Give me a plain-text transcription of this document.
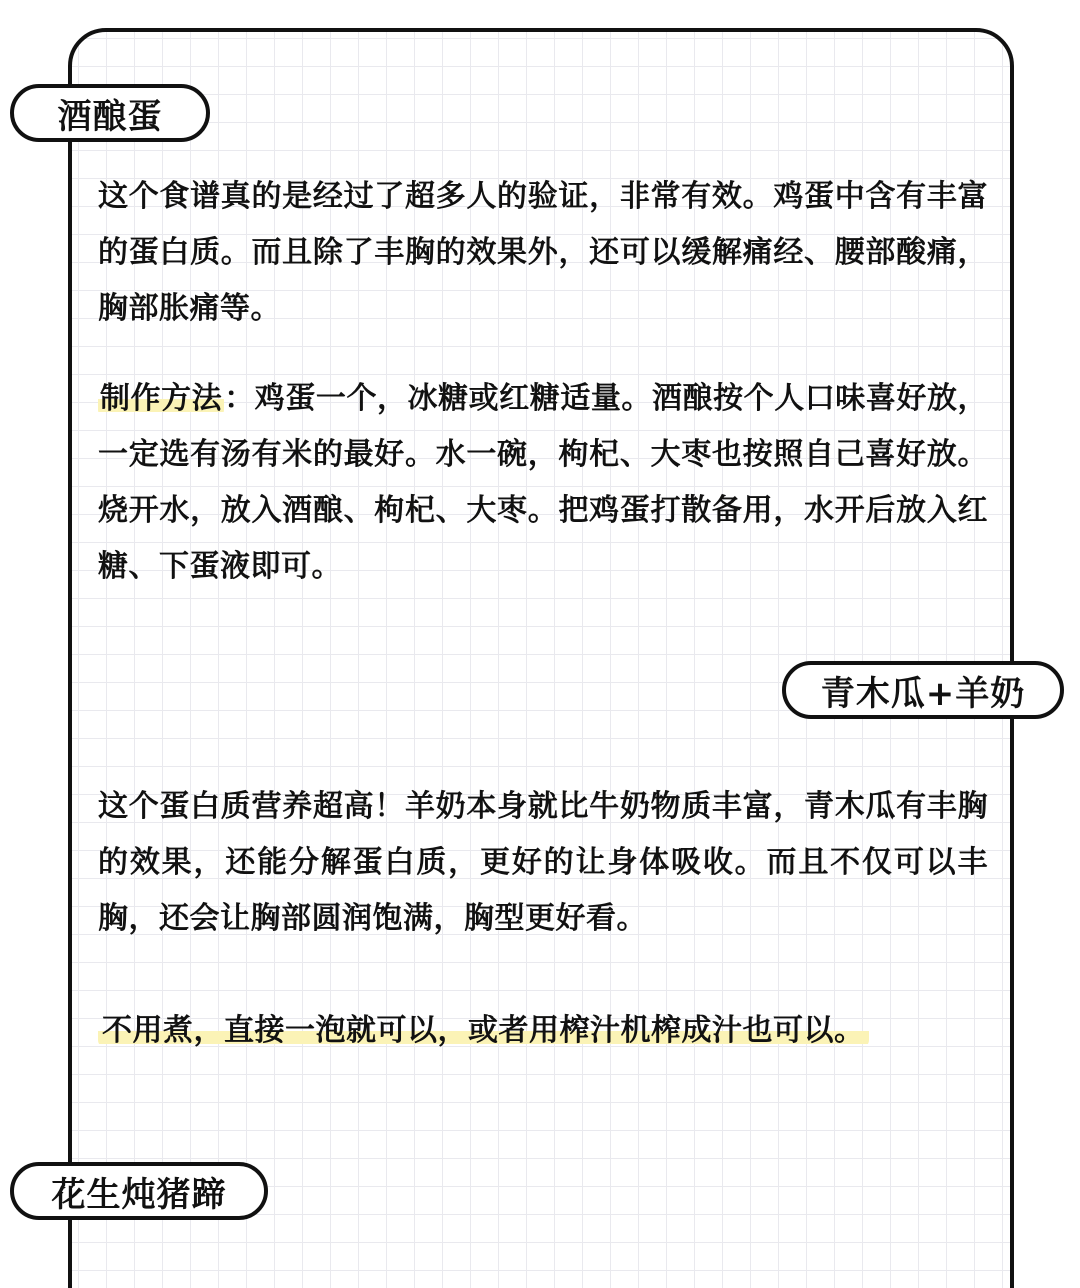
酒酿蛋

这个食谱真的是经过了超多人的验证，非常有效。鸡蛋中含有丰富的蛋白质。而且除了丰胸的效果外，还可以缓解痛经、腰部酸痛，胸部胀痛等。

制作方法：鸡蛋一个，冰糖或红糖适量。酒酿按个人口味喜好放，一定选有汤有米的最好。水一碗，枸杞、大枣也按照自己喜好放。烧开水，放入酒酿、枸杞、大枣。把鸡蛋打散备用，水开后放入红糖、下蛋液即可。

青木瓜+羊奶

这个蛋白质营养超高！羊奶本身就比牛奶物质丰富，青木瓜有丰胸的效果，还能分解蛋白质，更好的让身体吸收。而且不仅可以丰胸，还会让胸部圆润饱满，胸型更好看。

不用煮，直接一泡就可以，或者用榨汁机榨成汁也可以。

花生炖猪蹄
